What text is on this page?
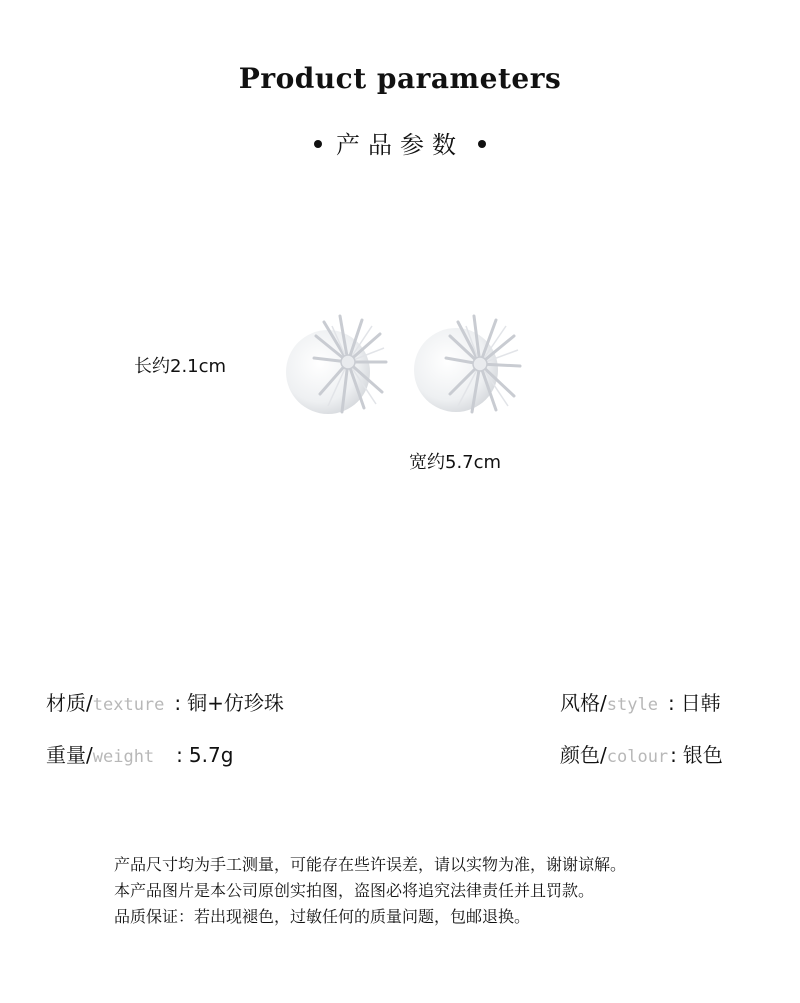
Product parameters
产品参数
长约2.1cm
宽约5.7cm
材质/texture : 铜+仿珍珠	风格/style : 日韩
重量/weight : 5.7g	颜色/colour : 银色
产品尺寸均为手工测量，可能存在些许误差，请以实物为准，谢谢谅解。
本产品图片是本公司原创实拍图，盗图必将追究法律责任并且罚款。
品质保证：若出现褪色，过敏任何的质量问题，包邮退换。
